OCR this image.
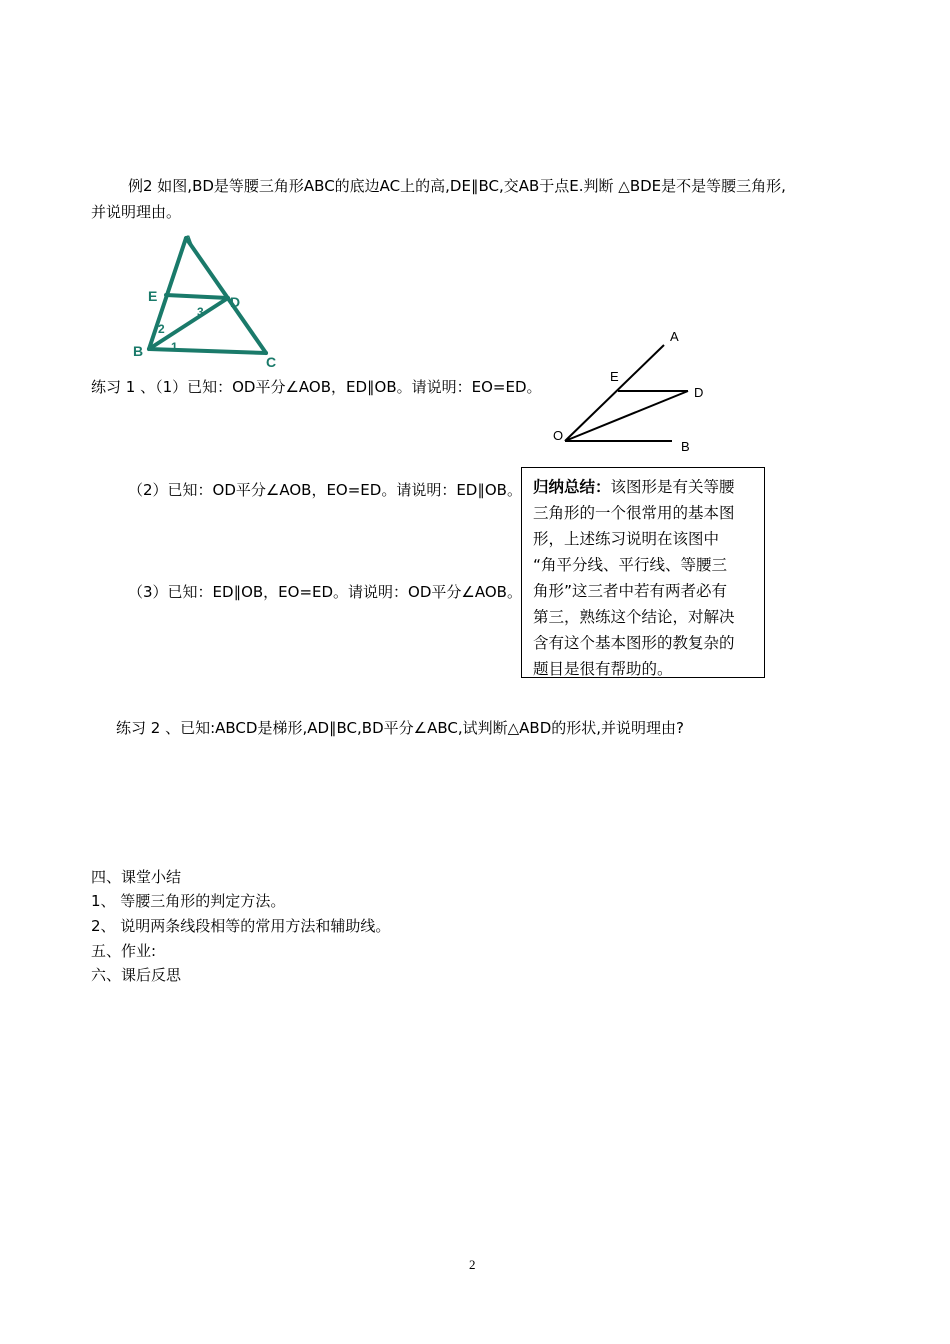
例2 如图,BD是等腰三角形ABC的底边AC上的高,DE∥BC,交AB于点E.判断 △BDE是不是等腰三角形,
并说明理由。
A
E	D
B
C
1
2
3
练习 1 、（1）已知：OD平分∠AOB，ED∥OB。请说明：EO=ED。
A
E
D
O
B
（2）已知：OD平分∠AOB，EO=ED。请说明：ED∥OB。
（3）已知：ED∥OB，EO=ED。请说明：OD平分∠AOB。
归纳总结：该图形是有关等腰
三角形的一个很常用的基本图
形，上述练习说明在该图中
“角平分线、平行线、等腰三
角形”这三者中若有两者必有
第三，熟练这个结论，对解决
含有这个基本图形的教复杂的
题目是很有帮助的。
练习 2 、已知:ABCD是梯形,AD∥BC,BD平分∠ABC,试判断△ABD的形状,并说明理由?
四、课堂小结
1、 等腰三角形的判定方法。
2、 说明两条线段相等的常用方法和辅助线。
五、作业:
六、课后反思
2
